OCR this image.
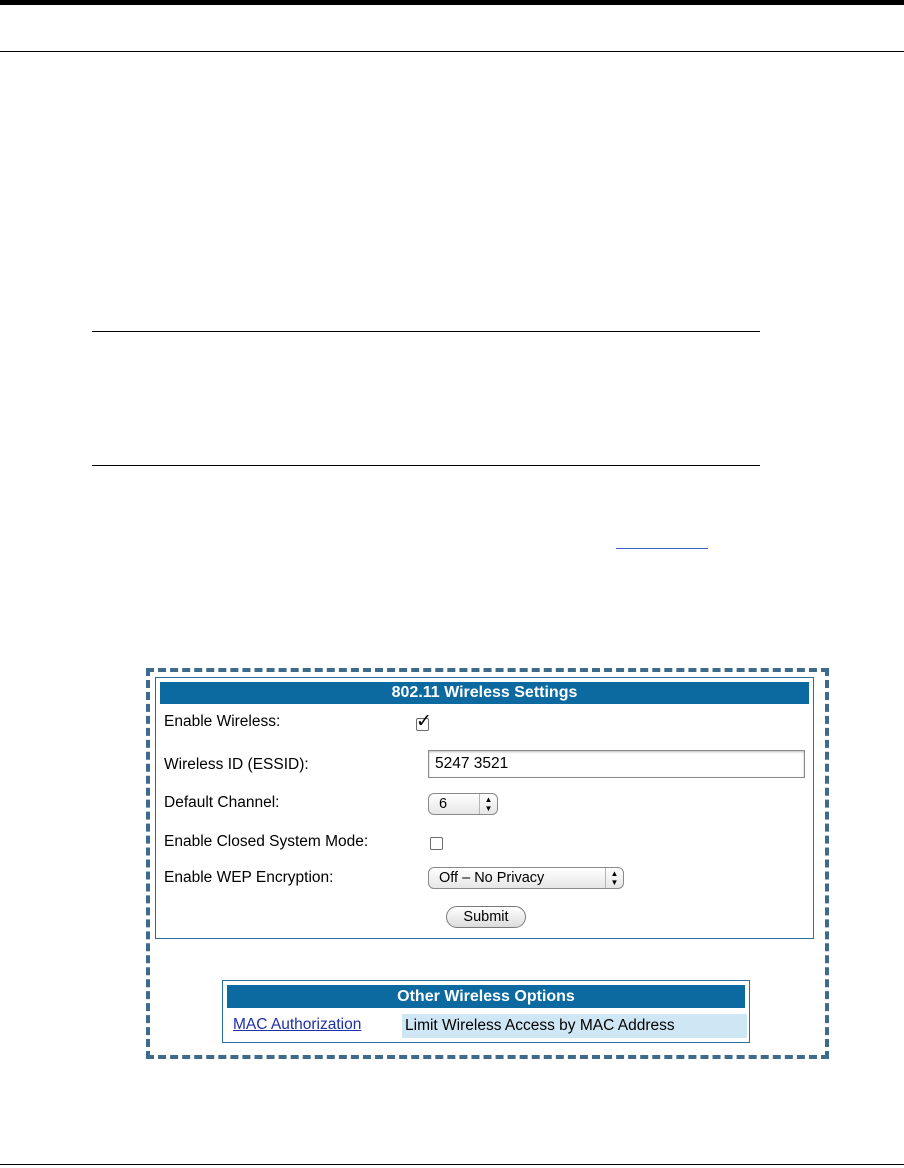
802.11 Wireless Settings
Enable Wireless:	✓
Wireless ID (ESSID):	5247 3521
Default Channel:	6	▲
▼
Enable Closed System Mode:
Enable WEP Encryption:	Off – No Privacy	▲
▼
Submit
Other Wireless Options
MAC Authorization	Limit Wireless Access by MAC Address
